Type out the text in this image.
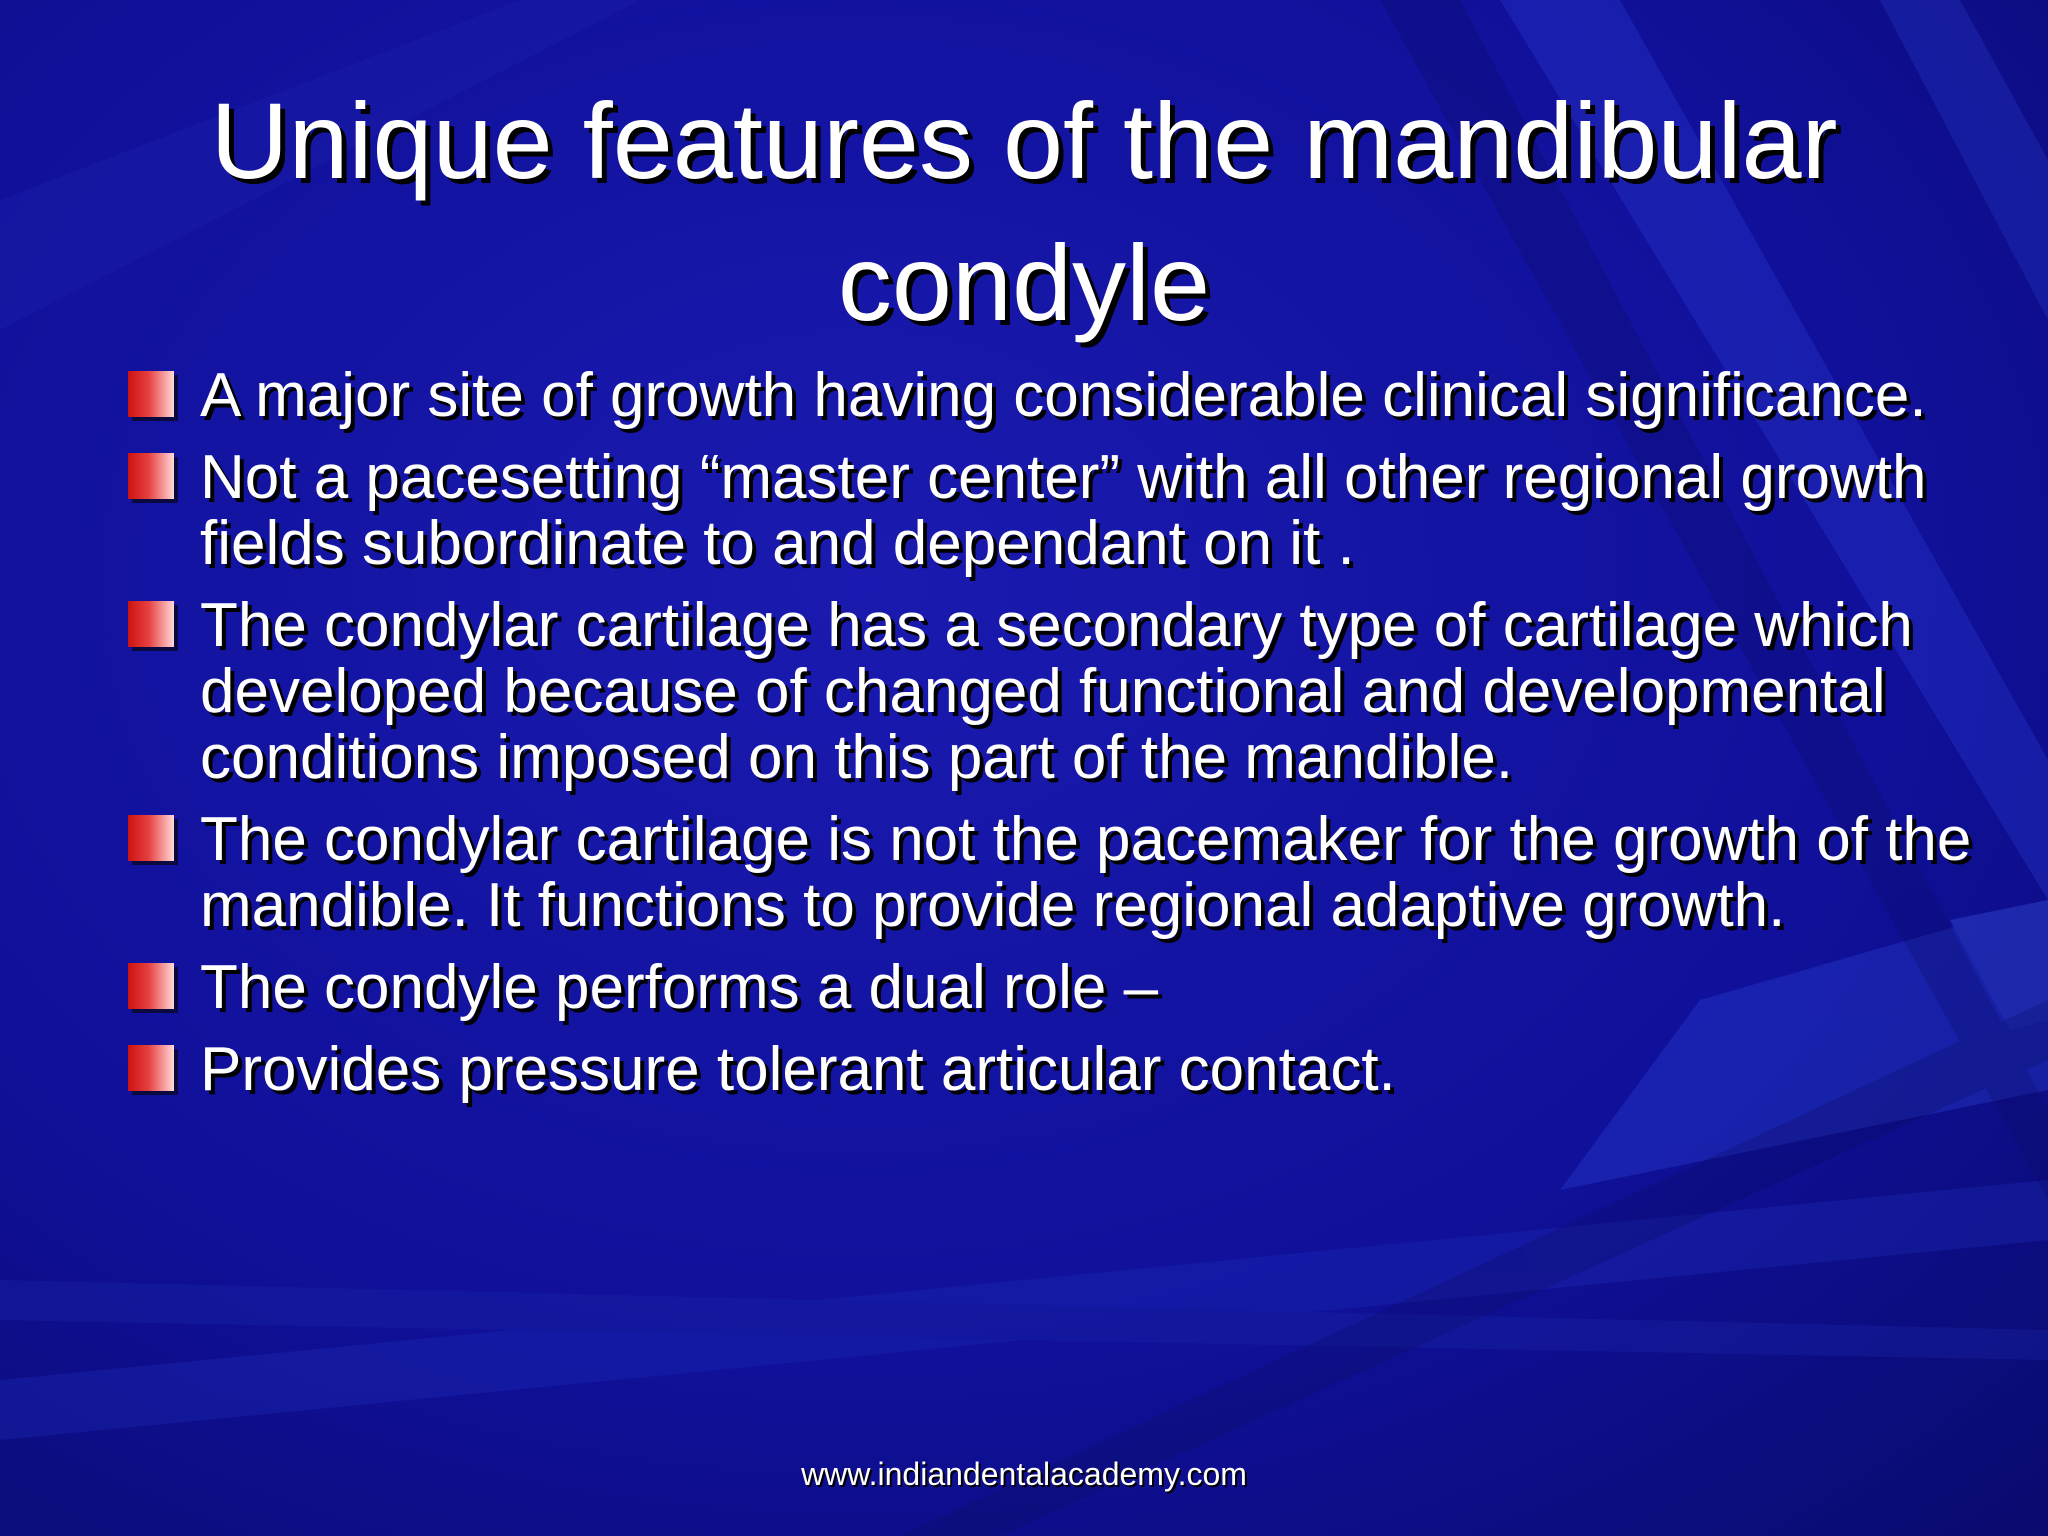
Unique features of the mandibular condyle
A major site of growth having considerable clinical significance.
Not a pacesetting “master center” with all other regional growth fields subordinate to and dependant on it .
The condylar cartilage has a secondary type of cartilage which developed because of changed functional and developmental conditions imposed on this part of the mandible.
The condylar cartilage is not the pacemaker for the growth of the mandible. It functions to provide regional adaptive growth.
The condyle performs a dual role –
Provides pressure tolerant articular contact.
www.indiandentalacademy.com
